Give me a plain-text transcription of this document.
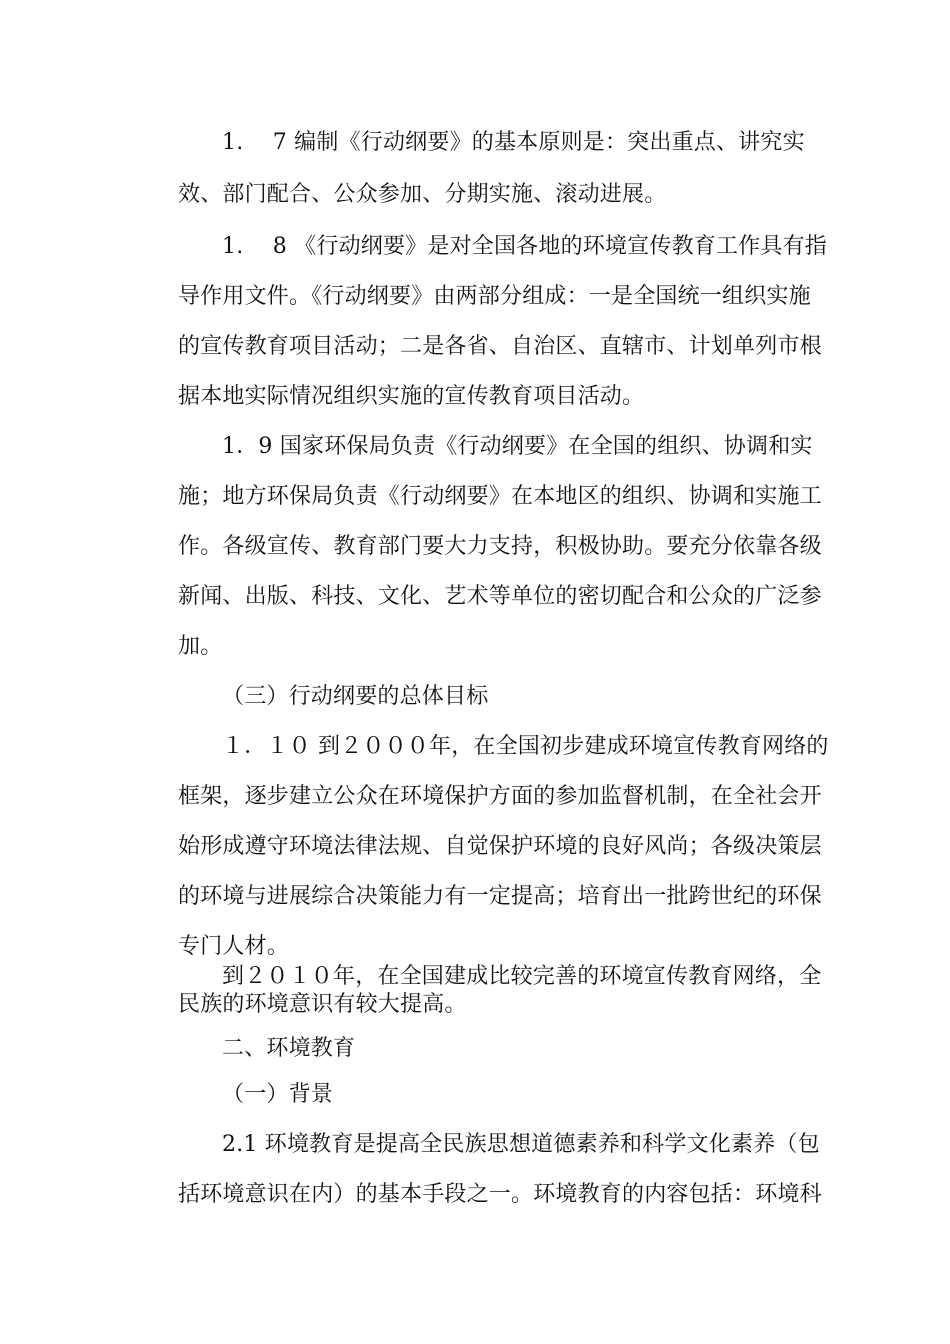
1.　 7 编制《行动纲要》的基本原则是：突出重点、讲究实
效、部门配合、公众参加、分期实施、滚动进展。
1.　 8 《行动纲要》是对全国各地的环境宣传教育工作具有指
导作用文件。《行动纲要》由两部分组成：一是全国统一组织实施
的宣传教育项目活动；二是各省、自治区、直辖市、计划单列市根
据本地实际情况组织实施的宣传教育项目活动。
1．9 国家环保局负责《行动纲要》在全国的组织、协调和实
施；地方环保局负责《行动纲要》在本地区的组织、协调和实施工
作。各级宣传、教育部门要大力支持，积极协助。要充分依靠各级
新闻、出版、科技、文化、艺术等单位的密切配合和公众的广泛参
加。
（三）行动纲要的总体目标
１．１０ 到２０００年，在全国初步建成环境宣传教育网络的
框架，逐步建立公众在环境保护方面的参加监督机制，在全社会开
始形成遵守环境法律法规、自觉保护环境的良好风尚；各级决策层
的环境与进展综合决策能力有一定提高；培育出一批跨世纪的环保
专门人材。
到２０１０年，在全国建成比较完善的环境宣传教育网络，全
民族的环境意识有较大提高。
二、环境教育
（一）背景
2.1 环境教育是提高全民族思想道德素养和科学文化素养（包
括环境意识在内）的基本手段之一。环境教育的内容包括：环境科
